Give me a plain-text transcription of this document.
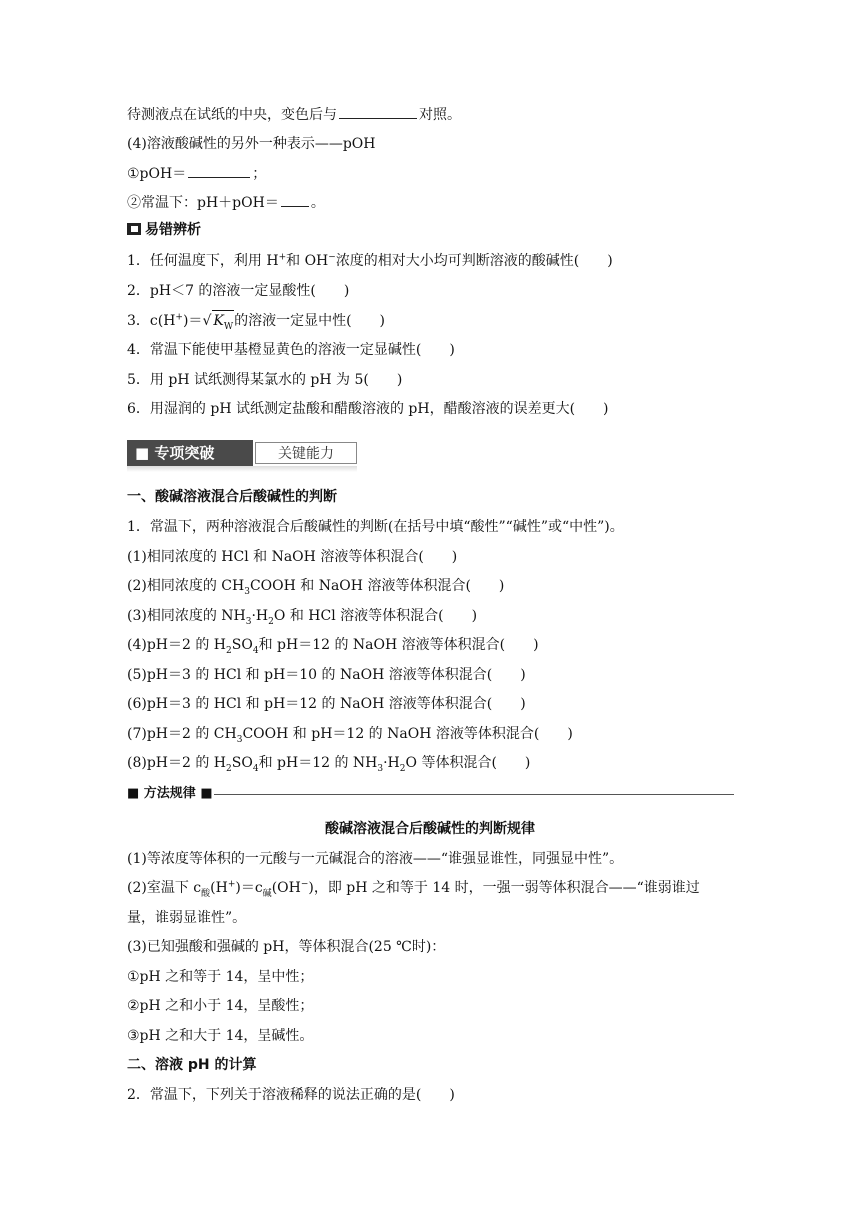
待测液点在试纸的中央，变色后与	对照。
(4)溶液酸碱性的另外一种表示——pOH
①pOH＝	；
②常温下：pH＋pOH＝ 。
易错辨析
1．任何温度下，利用 H+和 OH−浓度的相对大小均可判断溶液的酸碱性(　　)
2．pH＜7 的溶液一定显酸性(　　)
3．c(H+)＝√ $K_W$的溶液一定显中性(　　)
4．常温下能使甲基橙显黄色的溶液一定显碱性(　　)
5．用 pH 试纸测得某氯水的 pH 为 5(　　)
6．用湿润的 pH 试纸测定盐酸和醋酸溶液的 pH，醋酸溶液的误差更大(　　)
■ 专项突破	关键能力
一、酸碱溶液混合后酸碱性的判断
1．常温下，两种溶液混合后酸碱性的判断(在括号中填“酸性”“碱性”或“中性”)。
(1)相同浓度的 HCl 和 NaOH 溶液等体积混合(　　)
(2)相同浓度的 $CH_3COOH$ 和 NaOH 溶液等体积混合(　　)
(3)相同浓度的 $NH_3\cdot H_2O$ 和 HCl 溶液等体积混合(　　)
(4)pH＝2 的 $H_2SO_4$和 pH＝12 的 NaOH 溶液等体积混合(　　)
(5)pH＝3 的 HCl 和 pH＝10 的 NaOH 溶液等体积混合(　　)
(6)pH＝3 的 HCl 和 pH＝12 的 NaOH 溶液等体积混合(　　)
(7)pH＝2 的 $CH_3COOH$ 和 pH＝12 的 NaOH 溶液等体积混合(　　)
(8)pH＝2 的 $H_2SO_4$和 pH＝12 的 $NH_3\cdot H_2O$ 等体积混合(　　)
■ 方法规律 ■
酸碱溶液混合后酸碱性的判断规律
(1)等浓度等体积的一元酸与一元碱混合的溶液——“谁强显谁性，同强显中性”。
(2)室温下 $c_酸(H^+)=c_碱(OH^-)$，即 pH 之和等于 14 时，一强一弱等体积混合——“谁弱谁过
量，谁弱显谁性”。
(3)已知强酸和强碱的 pH，等体积混合(25 ℃时)：
①pH 之和等于 14，呈中性；
②pH 之和小于 14，呈酸性；
③pH 之和大于 14，呈碱性。
二、溶液 pH 的计算
2．常温下，下列关于溶液稀释的说法正确的是(　　)
